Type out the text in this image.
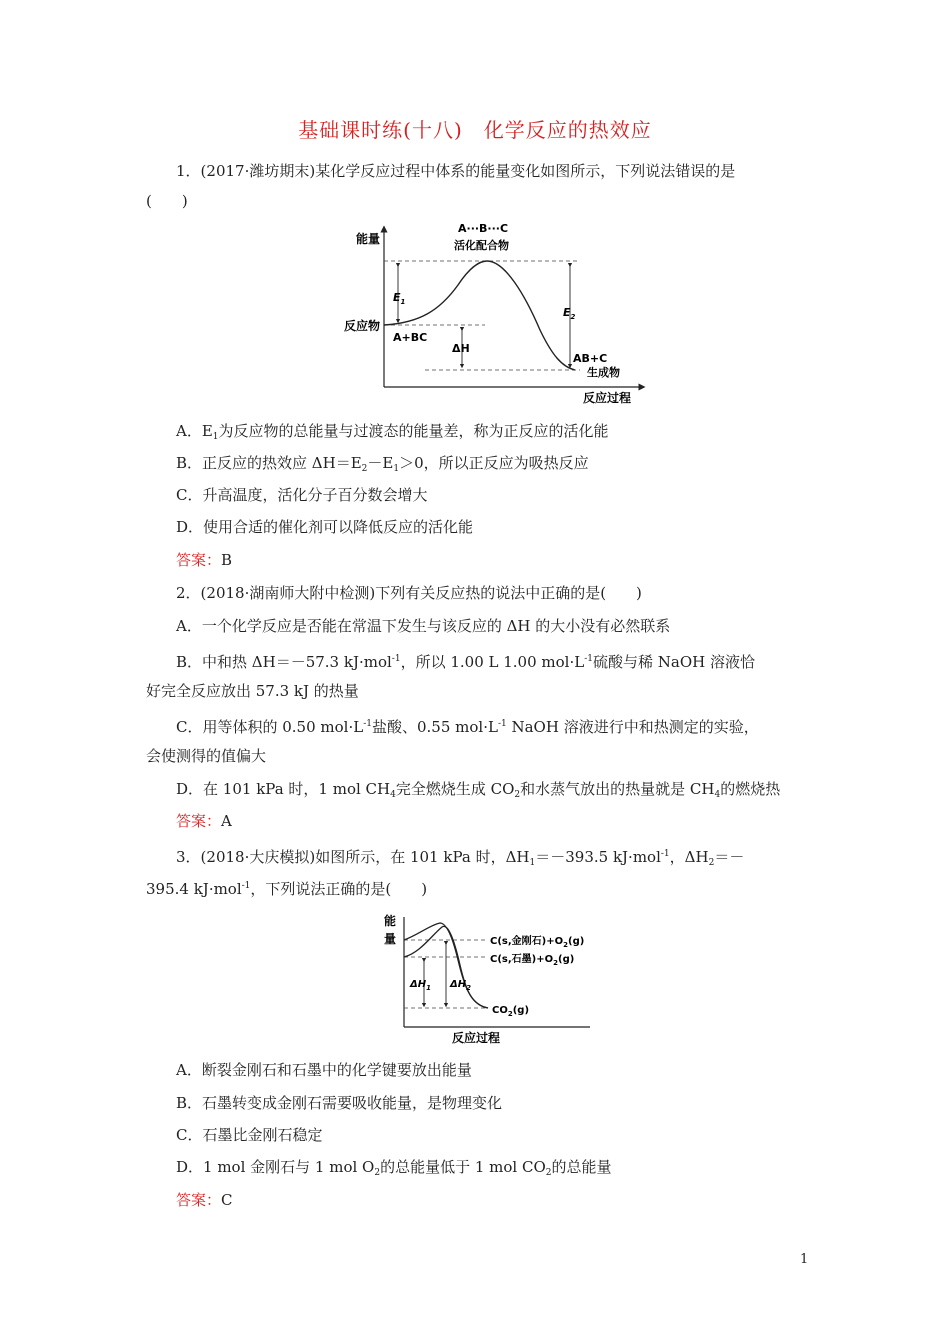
基础课时练(十八)　化学反应的热效应
1．(2017·潍坊期末)某化学反应过程中体系的能量变化如图所示，下列说法错误的是
(　　)
能量
反应过程
A···B···C
活化配合物
反应物
A+BC
$E_1$
$E_2$
ΔH
AB+C
生成物
A．$E_1$为反应物的总能量与过渡态的能量差，称为正反应的活化能
B．正反应的热效应 $\Delta H=E_2-E_1>0$，所以正反应为吸热反应
C．升高温度，活化分子百分数会增大
D．使用合适的催化剂可以降低反应的活化能
答案：B
2．(2018·湖南师大附中检测)下列有关反应热的说法中正确的是(　　)
A．一个化学反应是否能在常温下发生与该反应的 ΔH 的大小没有必然联系
B．中和热 ΔH＝－57.3 kJ·mol$^{-1}$，所以 1.00 L 1.00 $mol\cdot L^{-1}$硫酸与稀 NaOH 溶液恰
好完全反应放出 57.3 kJ 的热量
C．用等体积的 0.50 $mol\cdot L^{-1}$盐酸、0.55 $mol\cdot L^{-1}$ NaOH 溶液进行中和热测定的实验，
会使测得的值偏大
D．在 101 kPa 时，1 mol $CH_4$完全燃烧生成 $CO_2$和水蒸气放出的热量就是 $CH_4$的燃烧热
答案：A
3．(2018·大庆模拟)如图所示，在 101 kPa 时，$\Delta H_1=-393.5$ kJ·mol$^{-1}$，$\Delta H_2=-$
395.4 kJ·mol$^{-1}$，下列说法正确的是(　　)
能
量
反应过程
C(s,金刚石)$+O_2(g)$
C(s,石墨)$+O_2(g)$
$CO_2(g)$
$\Delta H_1$ $\Delta H_2$
A．断裂金刚石和石墨中的化学键要放出能量
B．石墨转变成金刚石需要吸收能量，是物理变化
C．石墨比金刚石稳定
D．1 mol 金刚石与 1 mol $O_2$的总能量低于 1 mol $CO_2$的总能量
答案：C
1
